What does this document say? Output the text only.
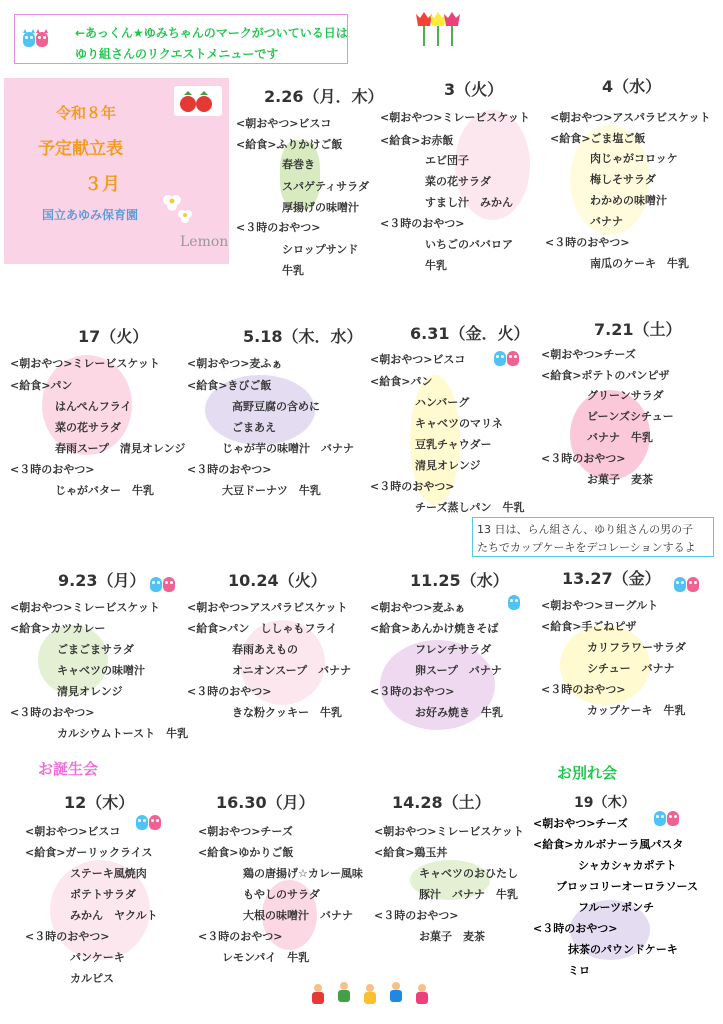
←あっくん★ゆみちゃんのマークがついている日は
ゆり組さんのリクエストメニューです
令和８年
予定献立表
３月
国立あゆみ保育園
Lemon
2.26（月．木）
<朝おやつ>ビスコ
<給食>ふりかけご飯
春巻き
スパゲティサラダ
厚揚げの味噌汁
<３時のおやつ>
シロップサンド
牛乳
3（火）
<朝おやつ>ミレービスケット
<給食>お赤飯
エビ団子
菜の花サラダ
すまし汁　みかん
<３時のおやつ>
いちごのババロア
牛乳
4（水）
<朝おやつ>アスパラビスケット
<給食>ごま塩ご飯
肉じゃがコロッケ
梅しそサラダ
わかめの味噌汁
バナナ
<３時のおやつ>
南瓜のケーキ　牛乳
17（火）
<朝おやつ>ミレービスケット
<給食>パン
はんぺんフライ
菜の花サラダ
春雨スープ　清見オレンジ
<３時のおやつ>
じゃがバター　牛乳
5.18（木．水）
<朝おやつ>麦ふぁ
<給食>きびご飯
高野豆腐の含めに
ごまあえ
じゃが芋の味噌汁　バナナ
<３時のおやつ>
大豆ドーナツ　牛乳
6.31（金．火）
<朝おやつ>ビスコ
<給食>パン
ハンバーグ
キャベツのマリネ
豆乳チャウダー
清見オレンジ
<３時のおやつ>
チーズ蒸しパン　牛乳
7.21（土）
<朝おやつ>チーズ
<給食>ポテトのパンピザ
グリーンサラダ
ビーンズシチュー
バナナ　牛乳
<３時のおやつ>
お菓子　麦茶
13 日は、らん組さん、ゆり組さんの男の子
たちでカップケーキをデコレーションするよ
9.23（月）
<朝おやつ>ミレービスケット
<給食>カツカレー
ごまごまサラダ
キャベツの味噌汁
清見オレンジ
<３時のおやつ>
カルシウムトースト　牛乳
10.24（火）
<朝おやつ>アスパラビスケット
<給食>パン　ししゃもフライ
春雨あえもの
オニオンスープ　バナナ
<３時のおやつ>
きな粉クッキー　牛乳
11.25（水）
<朝おやつ>麦ふぁ
<給食>あんかけ焼きそば
フレンチサラダ
卵スープ　バナナ
<３時のおやつ>
お好み焼き　牛乳
13.27（金）
<朝おやつ>ヨーグルト
<給食>手ごねピザ
カリフラワーサラダ
シチュー　バナナ
<３時のおやつ>
カップケーキ　牛乳
お誕生会	お別れ会
12（木）
<朝おやつ>ビスコ
<給食>ガーリックライス
ステーキ風焼肉
ポテトサラダ
みかん　ヤクルト
<３時のおやつ>
パンケーキ
カルピス
16.30（月）
<朝おやつ>チーズ
<給食>ゆかりご飯
鶏の唐揚げ☆カレー風味
もやしのサラダ
大根の味噌汁　バナナ
<３時のおやつ>
レモンパイ　牛乳
14.28（土）
<朝おやつ>ミレービスケット
<給食>鶏玉丼
キャベツのおひたし
豚汁　バナナ　牛乳
<３時のおやつ>
お菓子　麦茶
19（木）
<朝おやつ>チーズ
<給食>カルボナーラ風パスタ
シャカシャカポテト
ブロッコリーオーロラソース
フルーツポンチ
<３時のおやつ>
抹茶のパウンドケーキ
ミロ
